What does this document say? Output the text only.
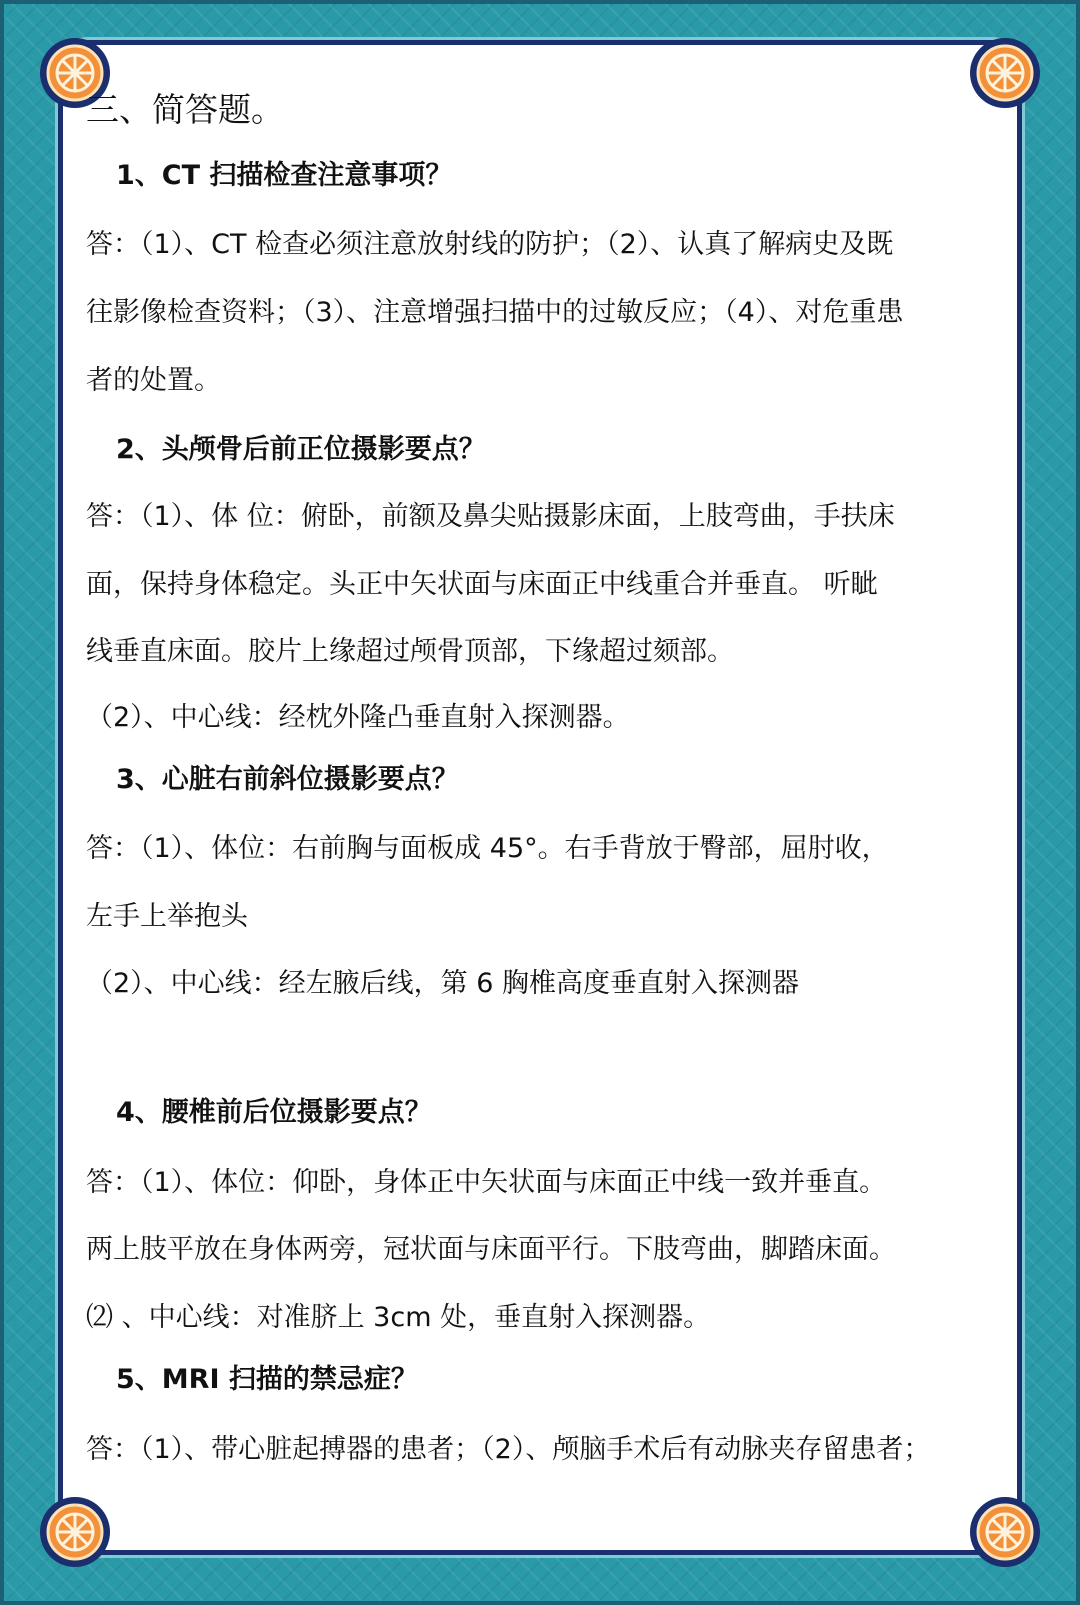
三、简答题。
1、CT 扫描检查注意事项？
答：（1）、CT 检查必须注意放射线的防护；（2）、认真了解病史及既
往影像检查资料；（3）、注意增强扫描中的过敏反应；（4）、对危重患
者的处置。
2、头颅骨后前正位摄影要点？
答：（1）、体 位：俯卧，前额及鼻尖贴摄影床面，上肢弯曲，手扶床
面，保持身体稳定。头正中矢状面与床面正中线重合并垂直。 听眦
线垂直床面。胶片上缘超过颅骨顶部，下缘超过颏部。
（2）、中心线：经枕外隆凸垂直射入探测器。
3、心脏右前斜位摄影要点？
答：（1）、体位：右前胸与面板成 45°。右手背放于臀部，屈肘收，
左手上举抱头
（2）、中心线：经左腋后线，第 6 胸椎高度垂直射入探测器
4、腰椎前后位摄影要点？
答：（1）、体位：仰卧，身体正中矢状面与床面正中线一致并垂直。
两上肢平放在身体两旁，冠状面与床面平行。下肢弯曲，脚踏床面。
⑵ 、中心线：对准脐上 3cm 处，垂直射入探测器。
5、MRI 扫描的禁忌症？
答：（1）、带心脏起搏器的患者；（2）、颅脑手术后有动脉夹存留患者；
